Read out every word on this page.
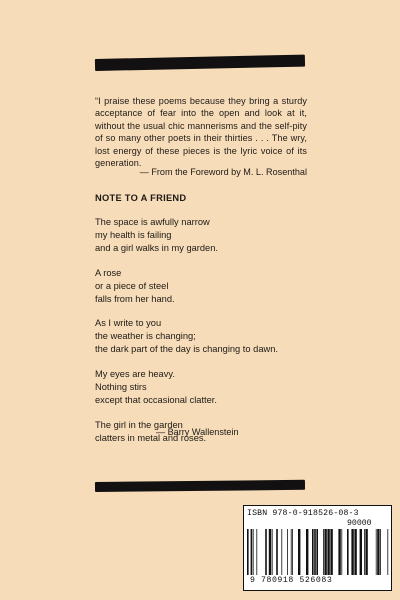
“I praise these poems because they bring a sturdy acceptance of fear into the open and look at it, without the usual chic mannerisms and the self-pity of so many other poets in their thirties . . . The wry, lost energy of these pieces is the lyric voice of its generation.
— From the Foreword by M. L. Rosenthal
NOTE TO A FRIEND
The space is awfully narrow
my health is failing
and a girl walks in my garden.
A rose
or a piece of steel
falls from her hand.
As I write to you
the weather is changing;
the dark part of the day is changing to dawn.
My eyes are heavy.
Nothing stirs
except that occasional clatter.
The girl in the garden
clatters in metal and roses.
— Barry Wallenstein
ISBN 978-0-918526-08-3
90000
9 780918 526083
